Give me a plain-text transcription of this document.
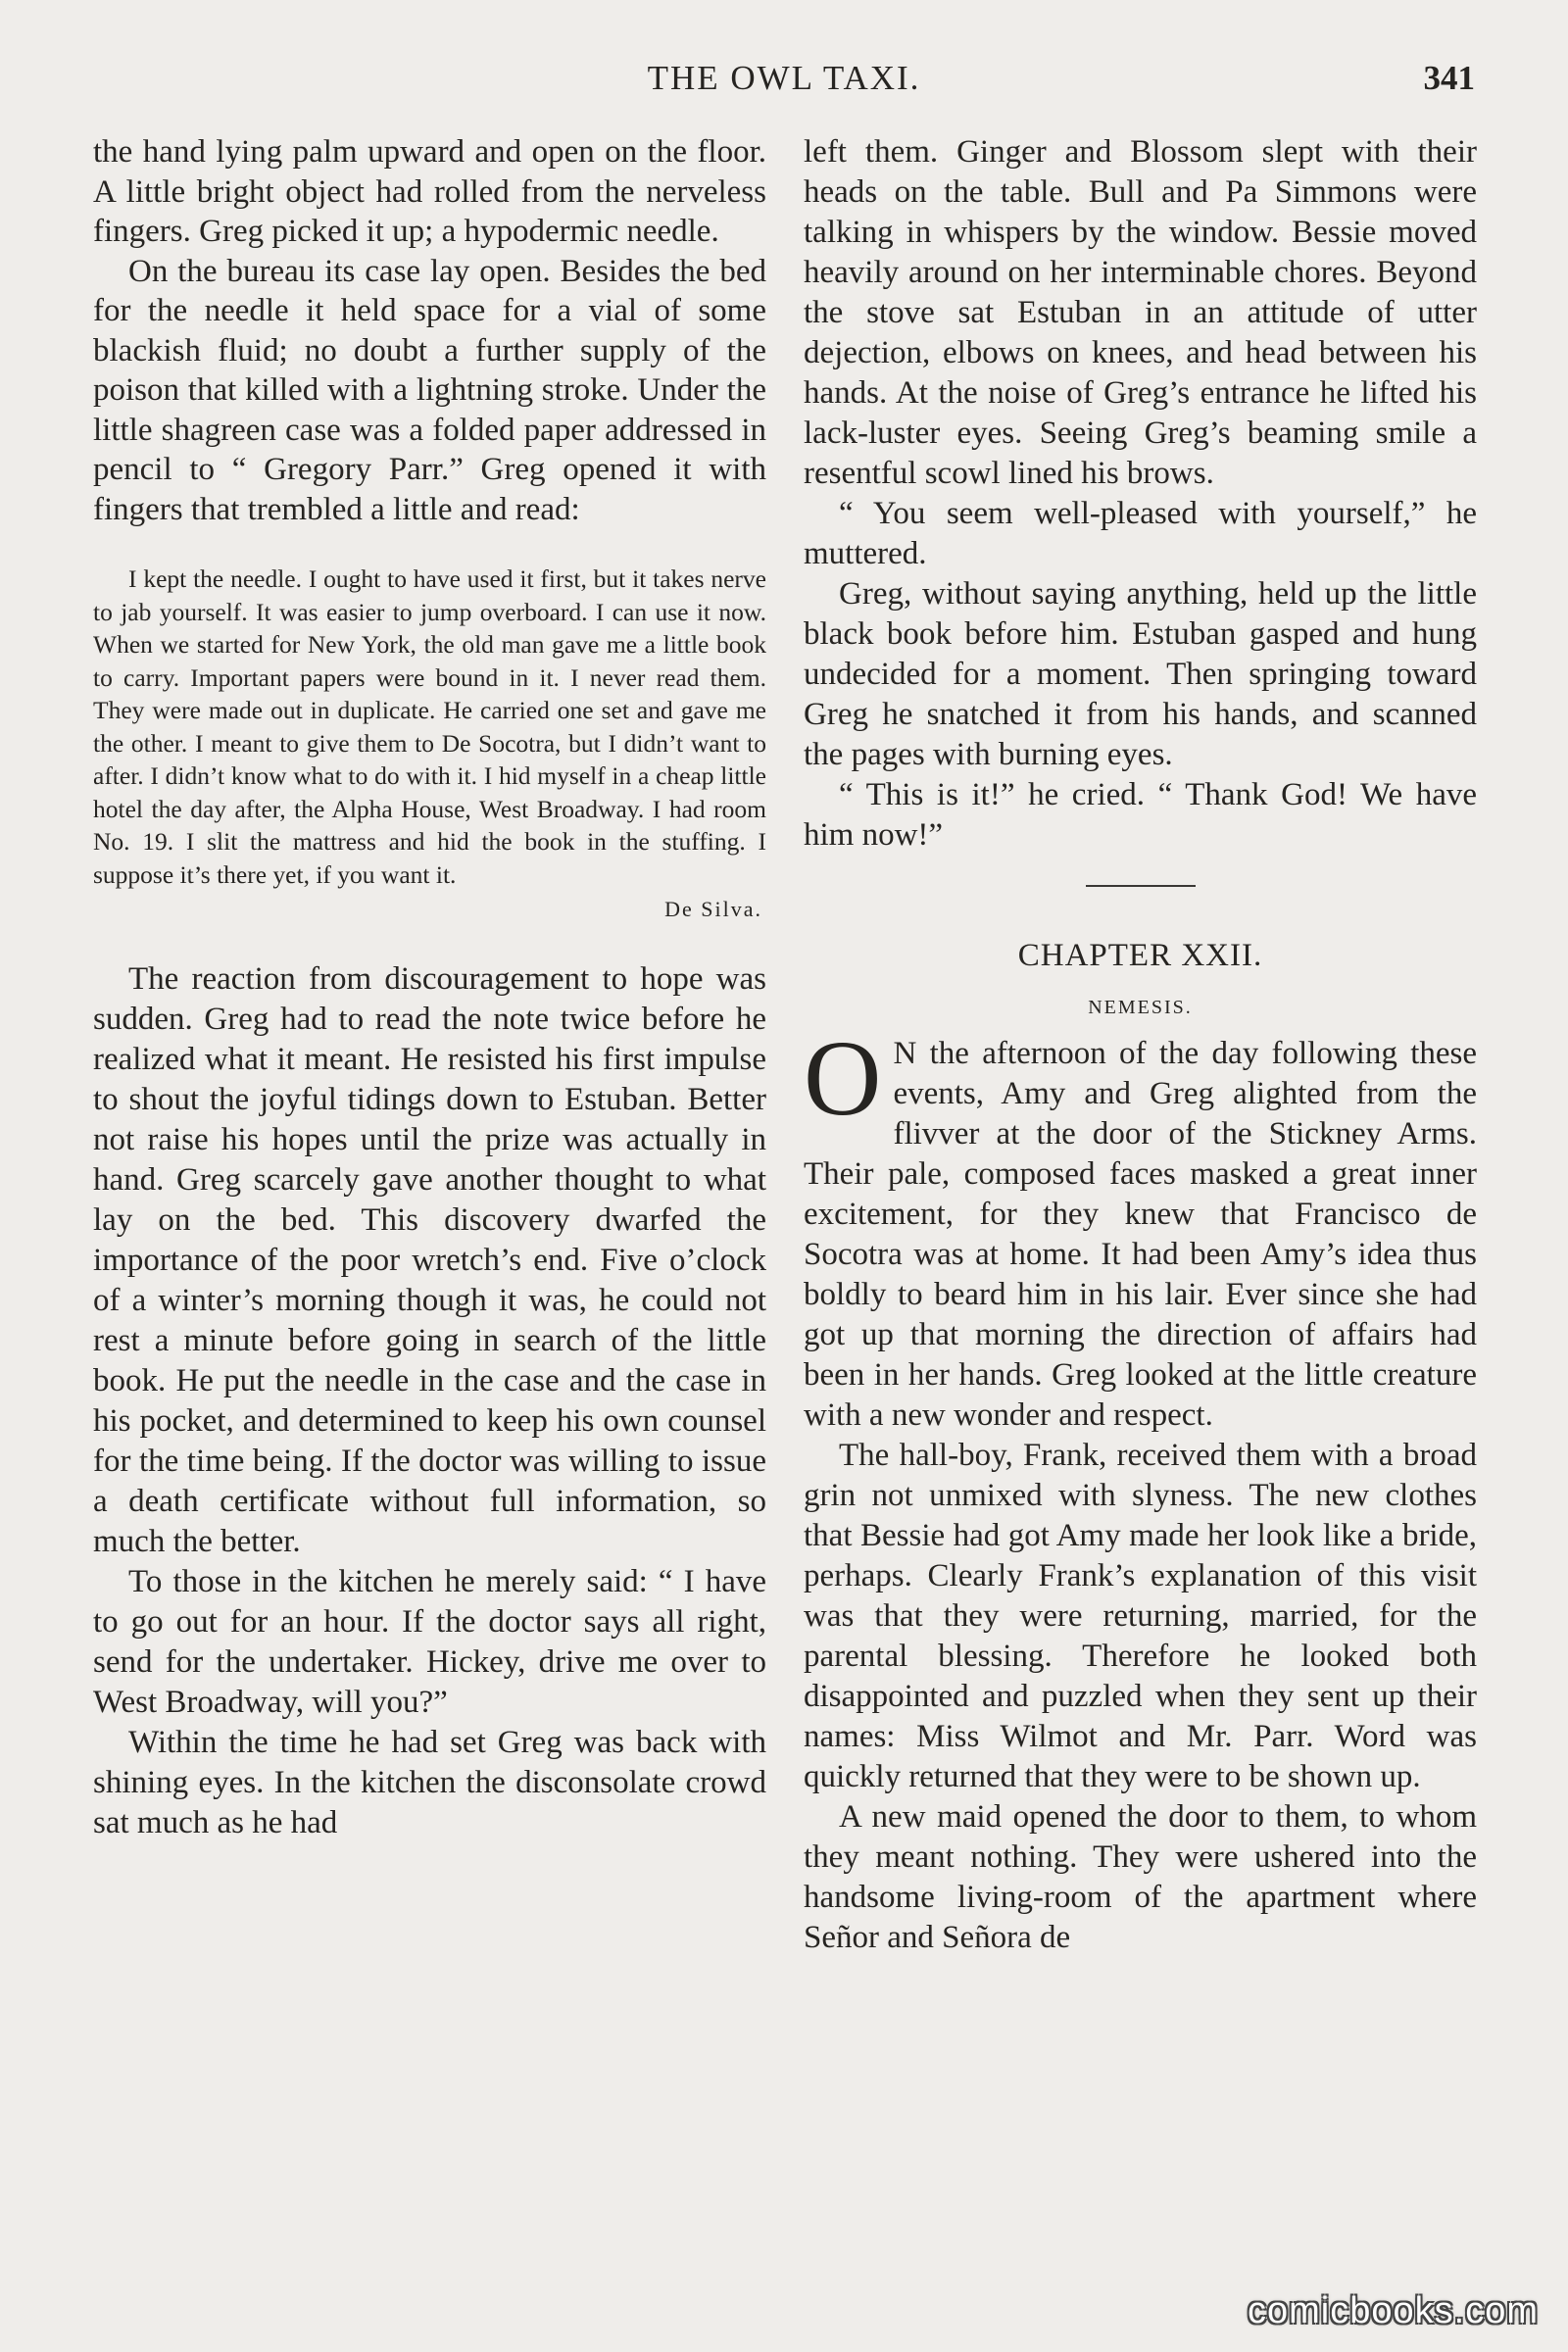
THE OWL TAXI.	341

the hand lying palm upward and open on the floor. A little bright object had rolled from the nerveless fingers. Greg picked it up; a hypodermic needle.

On the bureau its case lay open. Besides the bed for the needle it held space for a vial of some blackish fluid; no doubt a further supply of the poison that killed with a lightning stroke. Under the little shagreen case was a folded paper addressed in pencil to “ Gregory Parr.” Greg opened it with fingers that trembled a little and read:

I kept the needle. I ought to have used it first, but it takes nerve to jab yourself. It was easier to jump overboard. I can use it now. When we started for New York, the old man gave me a little book to carry. Important papers were bound in it. I never read them. They were made out in duplicate. He carried one set and gave me the other. I meant to give them to De Socotra, but I didn’t want to after. I didn’t know what to do with it. I hid myself in a cheap little hotel the day after, the Alpha House, West Broadway. I had room No. 19. I slit the mattress and hid the book in the stuffing. I suppose it’s there yet, if you want it.

De Silva.

The reaction from discouragement to hope was sudden. Greg had to read the note twice before he realized what it meant. He resisted his first impulse to shout the joyful tidings down to Estuban. Better not raise his hopes until the prize was actually in hand. Greg scarcely gave another thought to what lay on the bed. This discovery dwarfed the importance of the poor wretch’s end. Five o’clock of a winter’s morning though it was, he could not rest a minute before going in search of the little book. He put the needle in the case and the case in his pocket, and determined to keep his own counsel for the time being. If the doctor was willing to issue a death certificate without full information, so much the better.

To those in the kitchen he merely said: “ I have to go out for an hour. If the doctor says all right, send for the undertaker. Hickey, drive me over to West Broadway, will you?”

Within the time he had set Greg was back with shining eyes. In the kitchen the disconsolate crowd sat much as he had

left them. Ginger and Blossom slept with their heads on the table. Bull and Pa Simmons were talking in whispers by the window. Bessie moved heavily around on her interminable chores. Beyond the stove sat Estuban in an attitude of utter dejection, elbows on knees, and head between his hands. At the noise of Greg’s entrance he lifted his lack-luster eyes. Seeing Greg’s beaming smile a resentful scowl lined his brows.

“ You seem well-pleased with yourself,” he muttered.

Greg, without saying anything, held up the little black book before him. Estuban gasped and hung undecided for a moment. Then springing toward Greg he snatched it from his hands, and scanned the pages with burning eyes.

“ This is it!” he cried. “ Thank God! We have him now!”

CHAPTER XXII.
NEMESIS.

O N the afternoon of the day following these events, Amy and Greg alighted from the flivver at the door of the Stickney Arms. Their pale, composed faces masked a great inner excitement, for they knew that Francisco de Socotra was at home. It had been Amy’s idea thus boldly to beard him in his lair. Ever since she had got up that morning the direction of affairs had been in her hands. Greg looked at the little creature with a new wonder and respect.

The hall-boy, Frank, received them with a broad grin not unmixed with slyness. The new clothes that Bessie had got Amy made her look like a bride, perhaps. Clearly Frank’s explanation of this visit was that they were returning, married, for the parental blessing. Therefore he looked both disappointed and puzzled when they sent up their names: Miss Wilmot and Mr. Parr. Word was quickly returned that they were to be shown up.

A new maid opened the door to them, to whom they meant nothing. They were ushered into the handsome living-room of the apartment where Señor and Señora de

comicbooks.com
